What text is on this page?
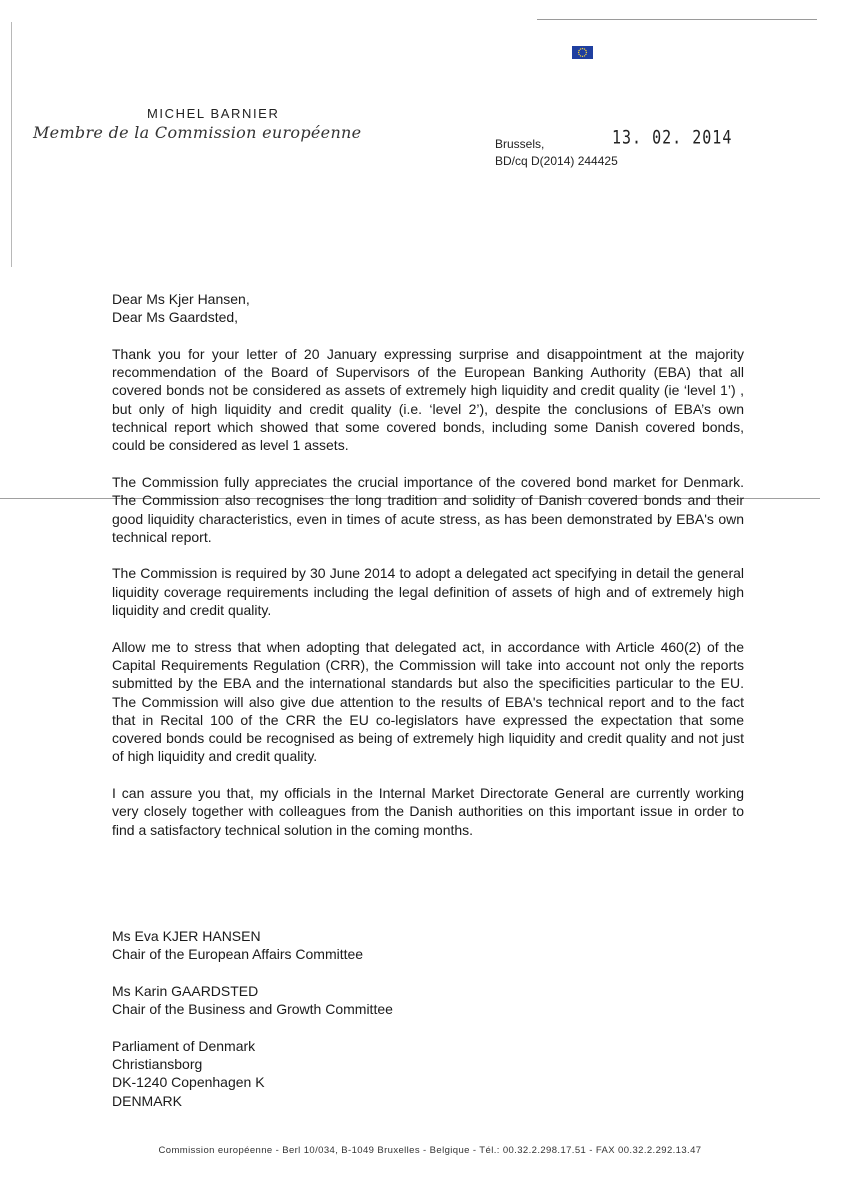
MICHEL BARNIER
Membre de la Commission européenne
Brussels,	13. 02. 2014
BD/cq D(2014) 244425

Dear Ms Kjer Hansen,

Dear Ms Gaardsted,

Thank you for your letter of 20 January expressing surprise and disappointment at the majority recommendation of the Board of Supervisors of the European Banking Authority (EBA) that all covered bonds not be considered as assets of extremely high liquidity and credit quality (ie ‘level 1’) , but only of high liquidity and credit quality (i.e. ‘level 2’), despite the conclusions of EBA’s own technical report which showed that some covered bonds, including some Danish covered bonds, could be considered as level 1 assets.

The Commission fully appreciates the crucial importance of the covered bond market for Denmark. The Commission also recognises the long tradition and solidity of Danish covered bonds and their good liquidity characteristics, even in times of acute stress, as has been demonstrated by EBA's own technical report.

The Commission is required by 30 June 2014 to adopt a delegated act specifying in detail the general liquidity coverage requirements including the legal definition of assets of high and of extremely high liquidity and credit quality.

Allow me to stress that when adopting that delegated act, in accordance with Article 460(2) of the Capital Requirements Regulation (CRR), the Commission will take into account not only the reports submitted by the EBA and the international standards but also the specificities particular to the EU. The Commission will also give due attention to the results of EBA's technical report and to the fact that in Recital 100 of the CRR the EU co-legislators have expressed the expectation that some covered bonds could be recognised as being of extremely high liquidity and credit quality and not just of high liquidity and credit quality.

I can assure you that, my officials in the Internal Market Directorate General are currently working very closely together with colleagues from the Danish authorities on this important issue in order to find a satisfactory technical solution in the coming months.

Ms Eva KJER HANSEN
Chair of the European Affairs Committee
Ms Karin GAARDSTED
Chair of the Business and Growth Committee
Parliament of Denmark
Christiansborg
DK-1240 Copenhagen K
DENMARK
Commission européenne - Berl 10/034, B-1049 Bruxelles - Belgique - Tél.: 00.32.2.298.17.51 - FAX 00.32.2.292.13.47
